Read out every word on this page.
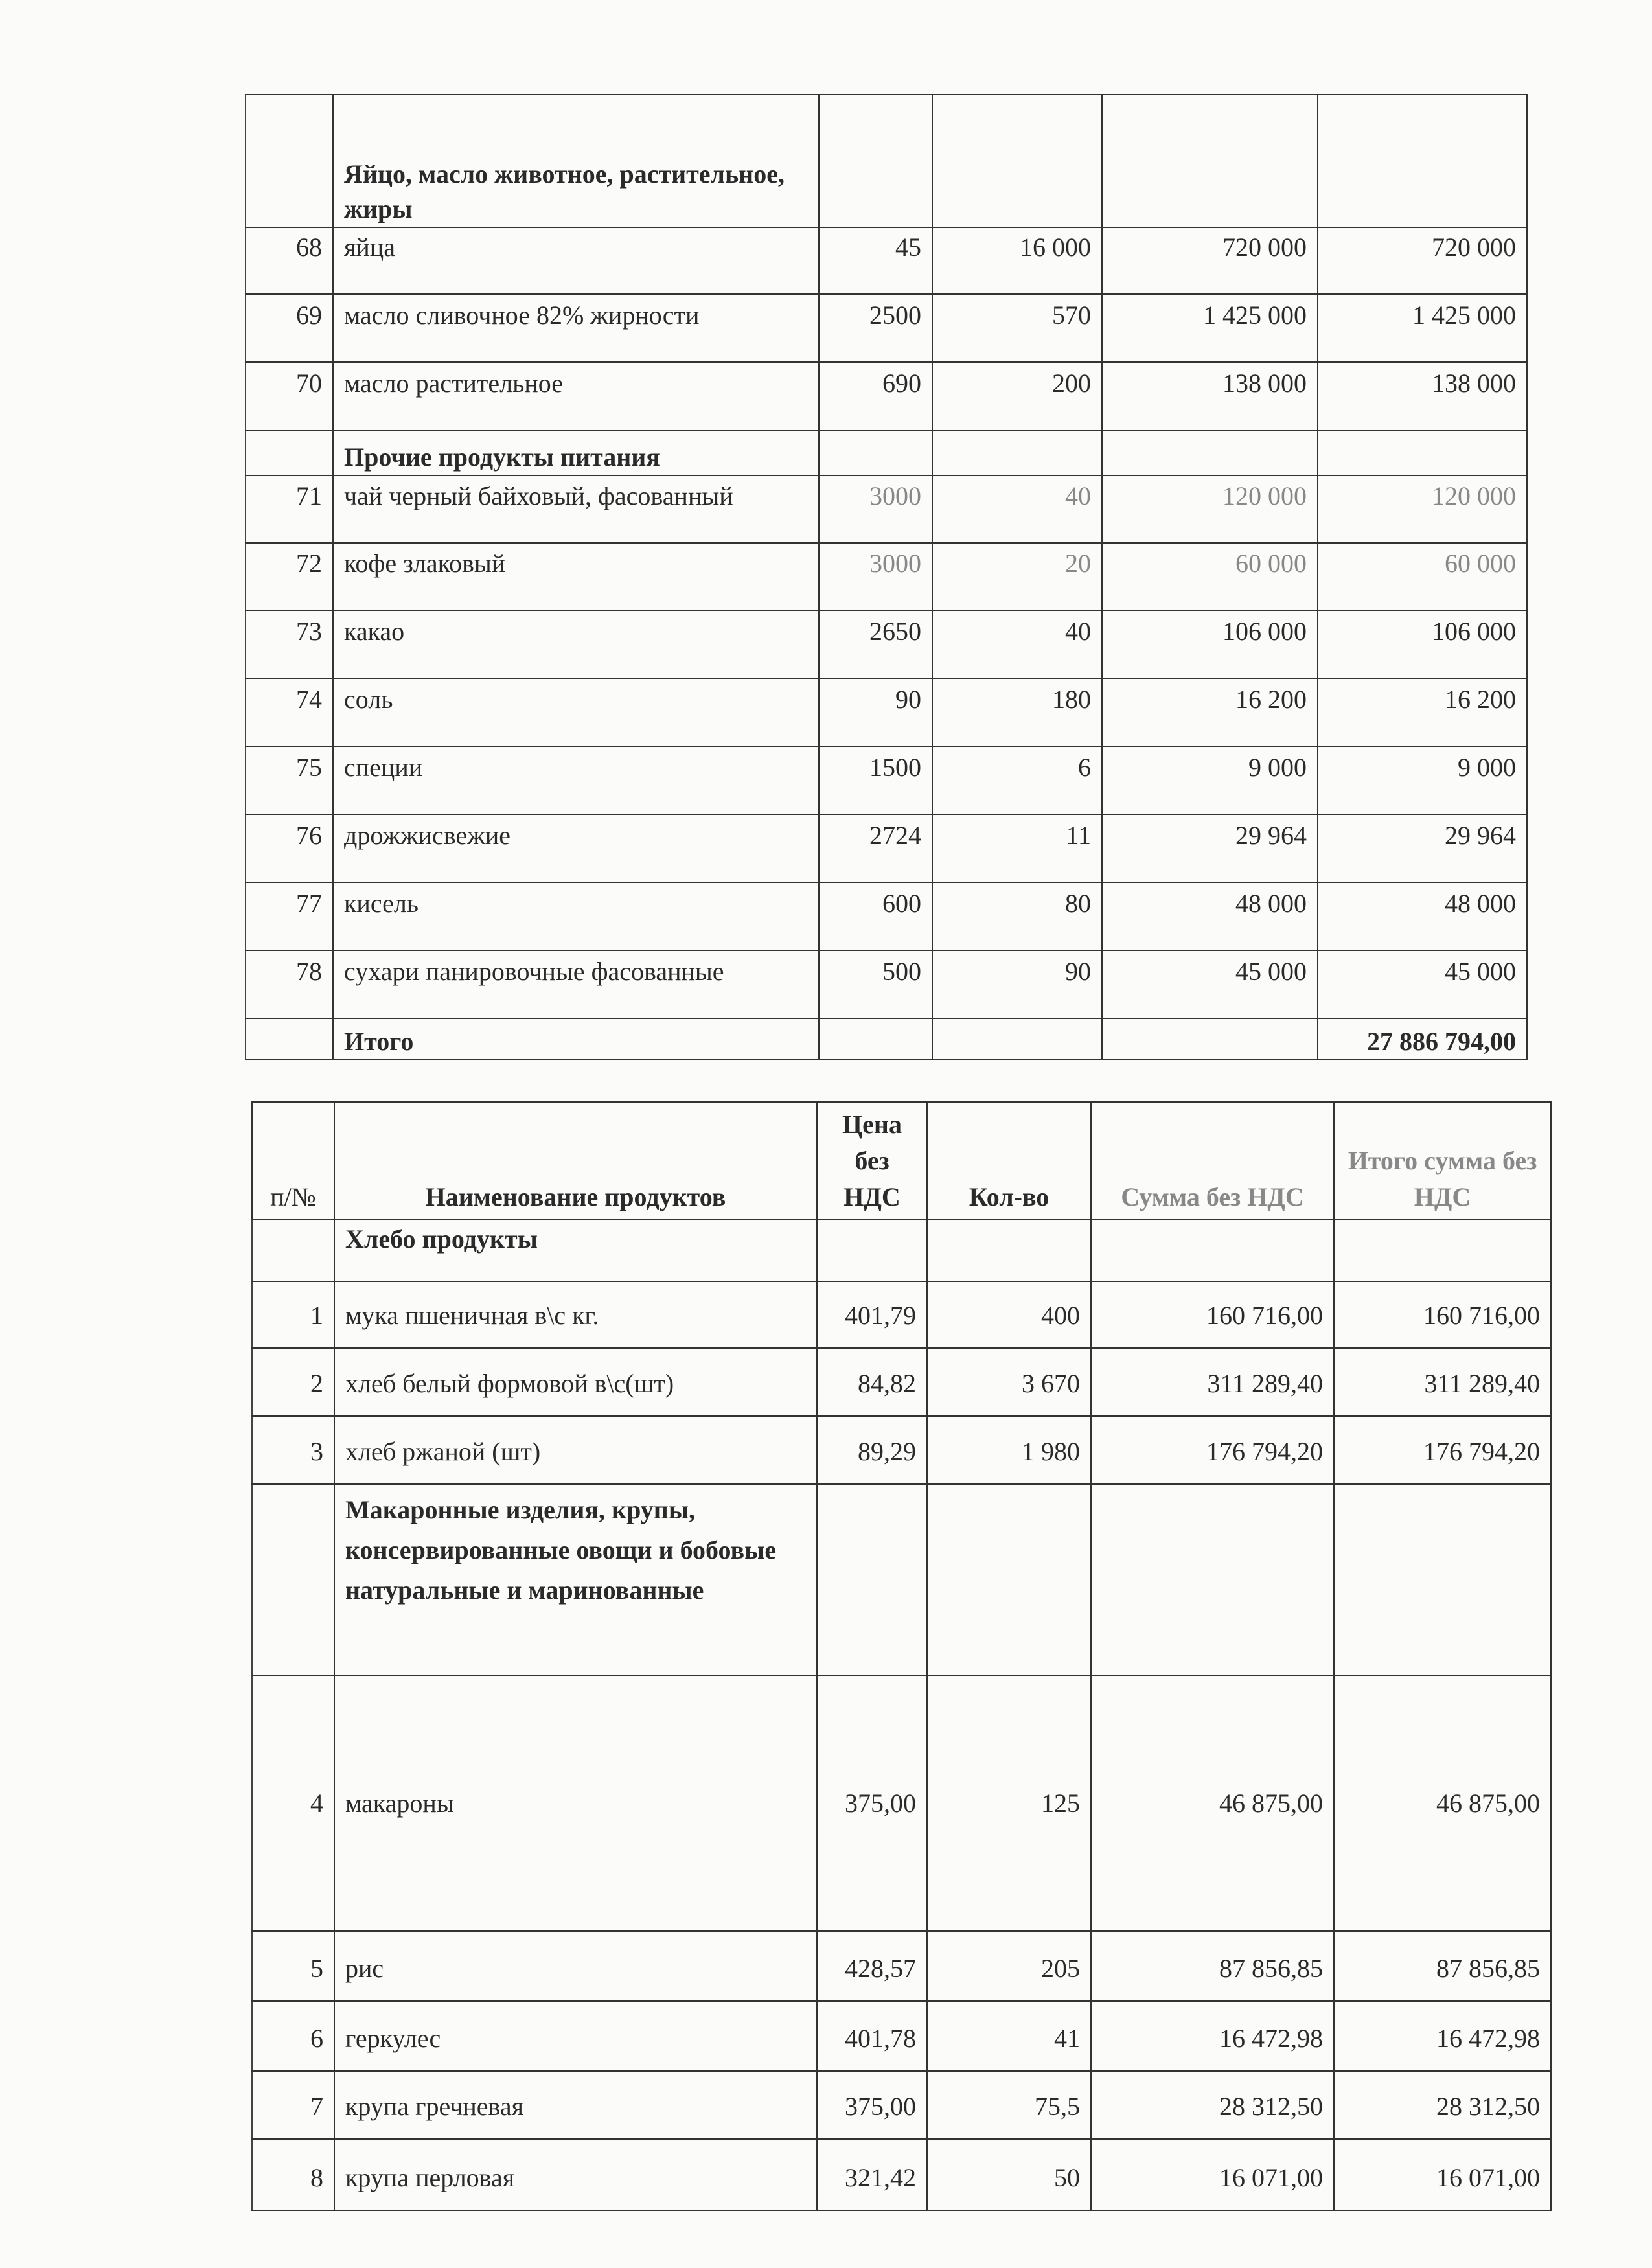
	Яйцо, масло животное, растительное, жиры				
68	яйца	45	16 000	720 000	720 000
69	масло сливочное 82% жирности	2500	570	1 425 000	1 425 000
70	масло растительное	690	200	138 000	138 000
	Прочие продукты питания				
71	чай черный байховый, фасованный	3000	40	120 000	120 000
72	кофе злаковый	3000	20	60 000	60 000
73	какао	2650	40	106 000	106 000
74	соль	90	180	16 200	16 200
75	специи	1500	6	9 000	9 000
76	дрожжисвежие	2724	11	29 964	29 964
77	кисель	600	80	48 000	48 000
78	сухари панировочные фасованные	500	90	45 000	45 000
	Итого				27 886 794,00
п/№	Наименование продуктов	Цена без НДС	Кол-во	Сумма без НДС	Итого сумма без НДС
	Хлебо продукты				
1	мука пшеничная в\с кг.	401,79	400	160 716,00	160 716,00
2	хлеб белый формовой в\с(шт)	84,82	3 670	311 289,40	311 289,40
3	хлеб ржаной (шт)	89,29	1 980	176 794,20	176 794,20
	Макаронные изделия, крупы, консервированные овощи и бобовые натуральные и маринованные				
4	макароны	375,00	125	46 875,00	46 875,00
5	рис	428,57	205	87 856,85	87 856,85
6	геркулес	401,78	41	16 472,98	16 472,98
7	крупа гречневая	375,00	75,5	28 312,50	28 312,50
8	крупа перловая	321,42	50	16 071,00	16 071,00
